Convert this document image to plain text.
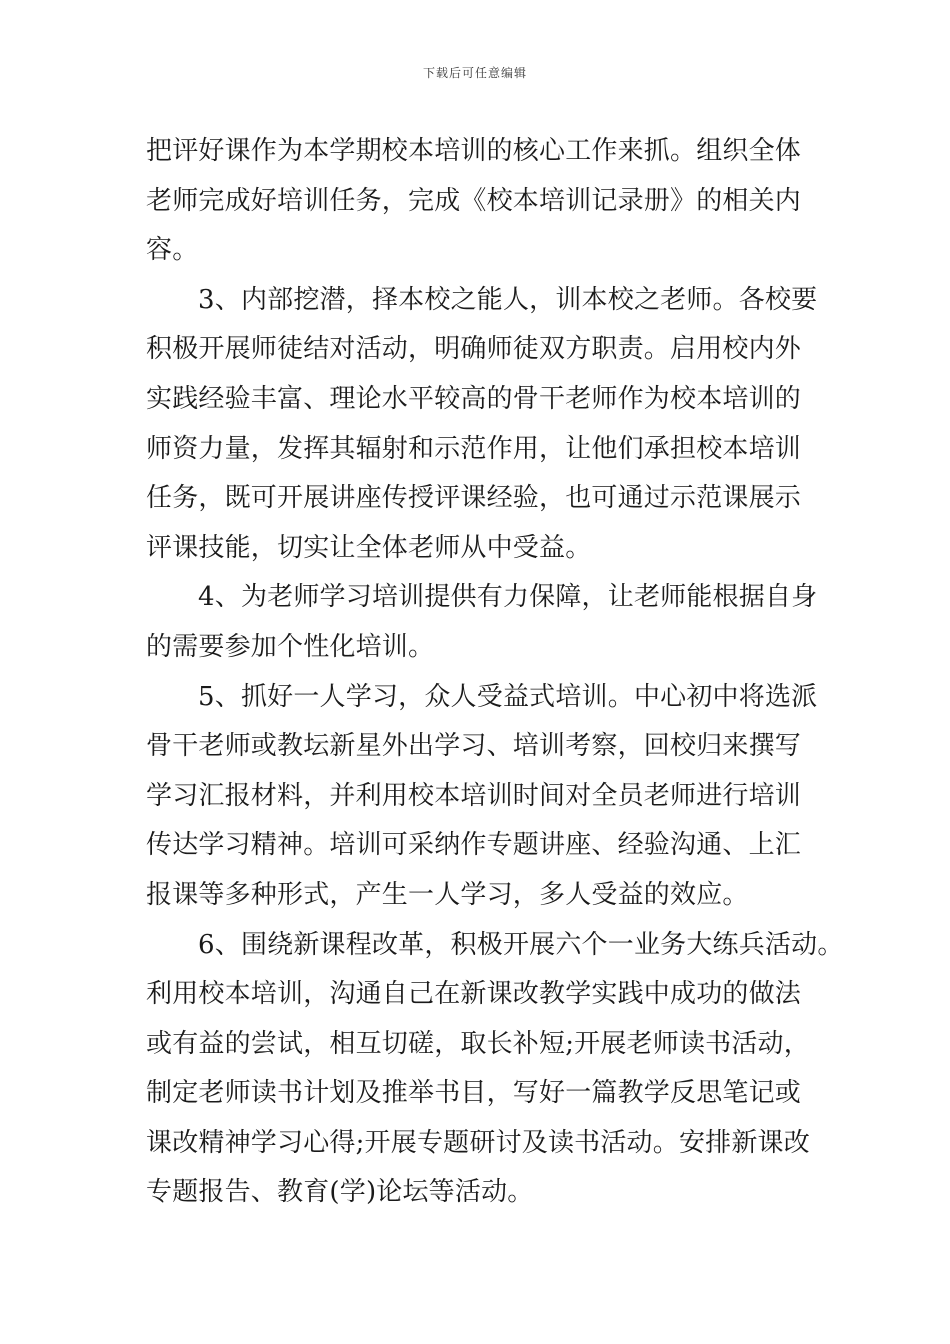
下载后可任意编辑
把评好课作为本学期校本培训的核心工作来抓。组织全体
老师完成好培训任务，完成《校本培训记录册》的相关内
容。
3、内部挖潜，择本校之能人，训本校之老师。各校要
积极开展师徒结对活动，明确师徒双方职责。启用校内外
实践经验丰富、理论水平较高的骨干老师作为校本培训的
师资力量，发挥其辐射和示范作用，让他们承担校本培训
任务，既可开展讲座传授评课经验，也可通过示范课展示
评课技能，切实让全体老师从中受益。
4、为老师学习培训提供有力保障，让老师能根据自身
的需要参加个性化培训。
5、抓好一人学习，众人受益式培训。中心初中将选派
骨干老师或教坛新星外出学习、培训考察，回校归来撰写
学习汇报材料，并利用校本培训时间对全员老师进行培训
传达学习精神。培训可采纳作专题讲座、经验沟通、上汇
报课等多种形式，产生一人学习，多人受益的效应。
6、围绕新课程改革，积极开展六个一业务大练兵活动。
利用校本培训，沟通自己在新课改教学实践中成功的做法
或有益的尝试，相互切磋，取长补短;开展老师读书活动，
制定老师读书计划及推举书目，写好一篇教学反思笔记或
课改精神学习心得;开展专题研讨及读书活动。安排新课改
专题报告、教育(学)论坛等活动。
